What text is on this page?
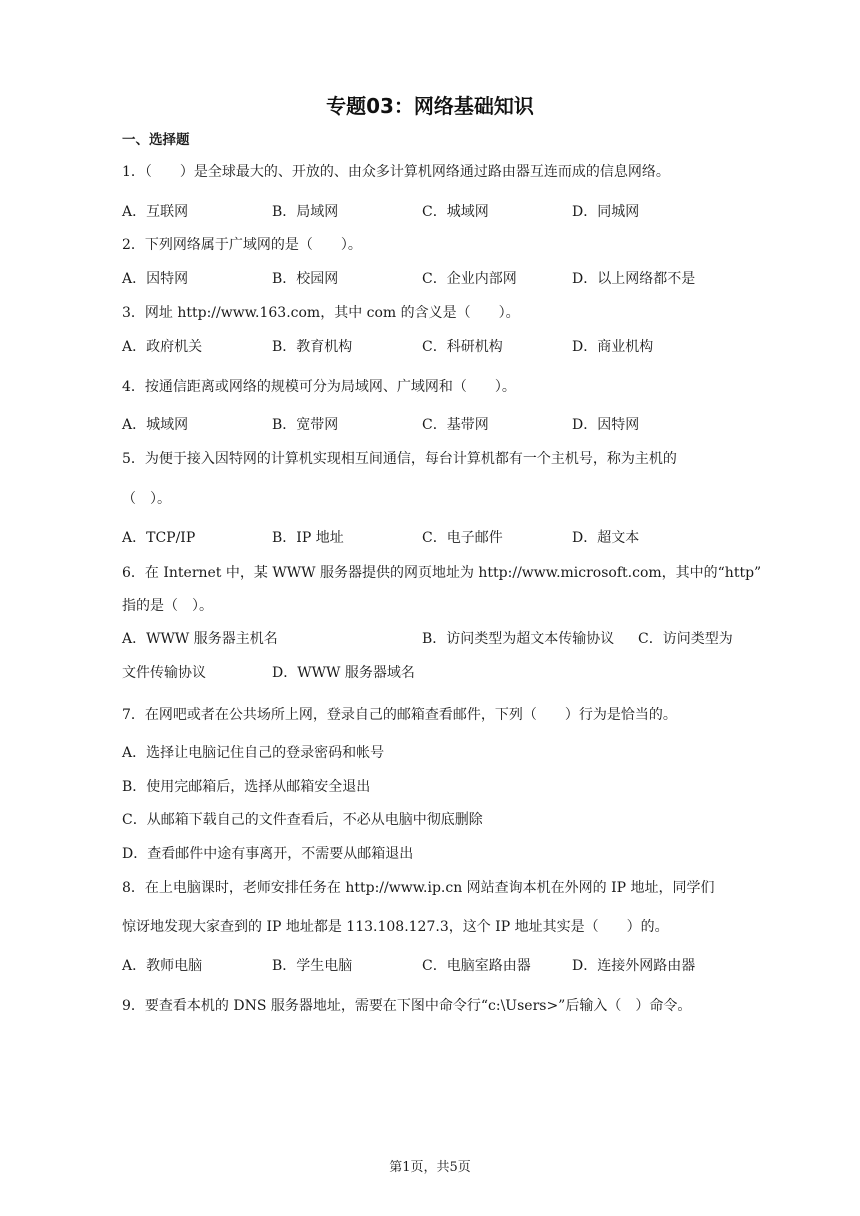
专题03：网络基础知识
一、选择题
1．（　　）是全球最大的、开放的、由众多计算机网络通过路由器互连而成的信息网络。
A．互联网	B．局域网	C．城域网	D．同城网
2．下列网络属于广域网的是（　　）。
A．因特网	B．校园网	C．企业内部网	D．以上网络都不是
3．网址 http://www.163.com，其中 com 的含义是（　　）。
A．政府机关	B．教育机构	C．科研机构	D．商业机构
4．按通信距离或网络的规模可分为局域网、广域网和（　　）。
A．城域网	B．宽带网	C．基带网	D．因特网
5．为便于接入因特网的计算机实现相互间通信，每台计算机都有一个主机号，称为主机的
（　）。
A．TCP/IP	B．IP 地址	C．电子邮件	D．超文本
6．在 Internet 中，某 WWW 服务器提供的网页地址为 http://www.microsoft.com，其中的“http”
指的是（　）。
A．WWW 服务器主机名	B．访问类型为超文本传输协议 C．访问类型为
文件传输协议	D．WWW 服务器域名
7．在网吧或者在公共场所上网，登录自己的邮箱查看邮件，下列（　　）行为是恰当的。
A．选择让电脑记住自己的登录密码和帐号
B．使用完邮箱后，选择从邮箱安全退出
C．从邮箱下载自己的文件查看后，不必从电脑中彻底删除
D．查看邮件中途有事离开，不需要从邮箱退出
8．在上电脑课时，老师安排任务在 http://www.ip.cn 网站查询本机在外网的 IP 地址，同学们
惊讶地发现大家查到的 IP 地址都是 113.108.127.3，这个 IP 地址其实是（　　）的。
A．教师电脑	B．学生电脑	C．电脑室路由器	D．连接外网路由器
9．要查看本机的 DNS 服务器地址，需要在下图中命令行“c:\Users>”后输入（　）命令。
第1页，共5页
